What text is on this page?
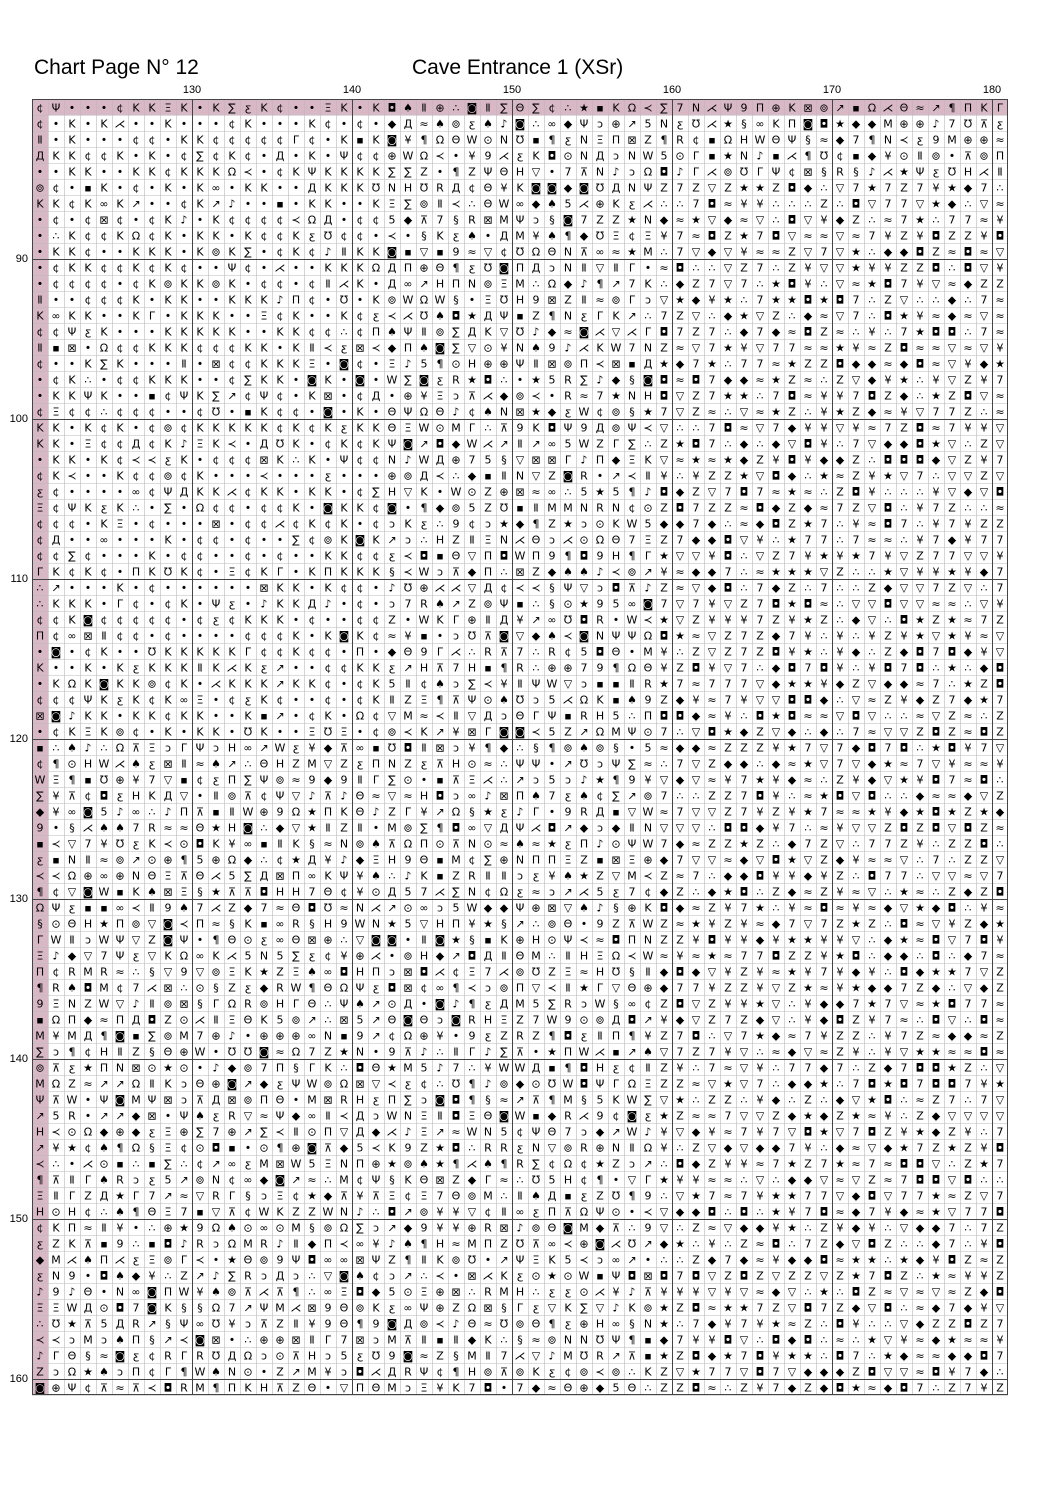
Chart Page N° 12	Cave Entrance 1 (XSr)
130	140	150	160	170	180
90
100
110
120
130
140
150
160
¢ Ψ • • • ¢ K K Ξ K • K ∑ ƹ K ¢ • • Ξ K • K ◘ ♠ Ⅱ ⊕ ∴ ◙ Ⅱ ∑ Θ ∑ ¢ ∴ ★ ▪ K Ω ≺ ∑ 7 N ⋌ Ψ 9 Π ⊕ K ⊠ ⊚ ↗ ▪ Ω ⋌ Θ ≈ ↗ ¶ Π K Γ
¢ • K • K ⋌ • • K • • • ¢ K • • • K ¢ • ¢ • ◆ Д ≈ ♠ ⊚ ƹ ♠ ♪ ◙ ∴ ∞ ◆ Ψ ↄ ⊕ ↗ 5 N ƹ ℧ ⋌ ★ § ∞ K Π ◙ ◘ ★ ◆ ◆ M ⊕ ⊕ ♪ 7 ℧ ⊼ ƹ
Ⅱ • K • • • ¢ ¢ • K K ¢ ¢ ¢ ¢ ¢ Γ ¢ • K ▪ K ◙ ¥ ¶ Ω Θ W ⊙ N ℧ ▪ ¶ ƹ N Ξ Π ⊠ Z ¶ R ¢ ▪ Ω H W Θ Ψ § ≈ ◆ 7 ¶ N ≺ ƹ 9 M ⊕ ⊕ ≈
Д K K ¢ ¢ K • K • ¢ ∑ ¢ K ¢ • Д • K • Ψ ¢ ¢ ⊕ W Ω ≺ • ¥ 9 ⋌ ƹ K ◘ ⊙ N Д ↄ N W 5 ⊙ Γ ▪ ★ N ♪ ▪ ⋌ ¶ ℧ ¢ ▪ ◆ ¥ ⊙ Ⅱ ⊚ • ⊼ ⊚ Π
• • K K • • K K ¢ K K K Ω ≺ • ¢ K Ψ K K K K ∑ ∑ Z • ¶ Z Ψ Θ H ▽ • 7 ⊼ N ♪ ↄ Ω ◘ ♪ Γ ⋌ ⊚ ℧ Γ Ψ ¢ ⊠ § R § ♪ ⋌ ★ Ψ ƹ ℧ H ⋌ Ⅱ
⊚ ¢ • ▪ K • ¢ • K • K ∞ • K K • • Д K K K ℧ N H ℧ R Д ¢ Θ ¥ K ◙ ◙ ◆ ◙ ℧ Д N Ψ Z 7 Z ▽ Z ★ ★ Z ◘ ◆ ∴ ▽ 7 ★ 7 Z 7 ¥ ★ ◆ 7 ∴
K K ¢ K ∞ K ↗ • • ¢ K ↗ ♪ • • ▪ • K K • • K Ξ ∑ ⊚ Ⅱ ≺ ∴ Θ W ∞ ◆ ♠ 5 ⋌ ⊕ K ƹ ⋌ ∴ ∴ 7 ◘ ≈ ¥ ¥ ∴ ∴ ∴ Z ∴ ◘ ▽ 7 7 ▽ ★ ◆ ∴ ▽ ≈
• ¢ • ¢ ⊠ ¢ • ¢ K ♪ • K ¢ ¢ ¢ ¢ ≺ Ω Д • ¢ ¢ 5 ◆ ⊼ 7 § R ⊠ M Ψ ↄ § ◙ 7 Z Z ★ N ◆ ≈ ★ ▽ ◆ ≈ ▽ ∴ ◘ ▽ ¥ ◆ Z ∴ ≈ 7 ★ ∴ 7 7 ≈ ¥
• ∴ K ¢ ¢ K Ω ¢ K • K K • K ¢ ¢ K ƹ ℧ ¢ ¢ • ≺ • § K ƹ ♠ • Д M ¥ ♠ ¶ ◆ ℧ Ξ ¢ Ξ ¥ 7 ≈ ◘ Z ★ 7 ◘ ▽ ≈ ≈ ▽ ≈ 7 ¥ Z ¥ ◘ Z Z ¥ ◘
• K K ¢ • • K K K • K ⊚ K ∑ • ¢ K ¢ ♪ Ⅱ K K ◙ ▪ ▽ ▪ 9 ≈ ▽ ¢ ℧ Ω Θ N ⊼ ∞ ≈ ★ M ∴ 7 ▽ ◆ ▽ ¥ ≈ ≈ Z ▽ 7 ▽ ★ ∴ ◆ ◆ ◘ Z ≈ ◘ ≈ ▽
• ¢ K K ¢ ¢ K ¢ K ¢ • • Ψ ¢ • ⋌ • • K K K Ω Д Π ⊕ Θ ¶ ƹ ℧ ◙ Π Д ↄ N Ⅱ ▽ Ⅱ Γ • ≈ ◘ ∴ ∴ ▽ Z 7 ∴ Z ¥ ▽ ▽ ★ ¥ ¥ Z Z ◘ ∴ ◘ ▽ ¥
• ¢ ¢ ¢ ¢ • ¢ K ⊚ K K ⊚ K • ¢ ¢ • ¢ Ⅱ ⋌ K • Д ∞ ↗ H Π N ⊚ Ξ M ∴ Ω ◆ ♪ ¶ ↗ 7 K ∴ ◆ Z 7 ▽ 7 ∴ ★ ◘ ¥ ∴ ▽ ≈ ★ ◘ 7 ¥ ▽ ≈ ◆ Z Z
Ⅱ • • ¢ ¢ ¢ K • K K • • K K K ♪ Π ¢ • ℧ • K ⊚ W Ω W § • Ξ ℧ H 9 ⊠ Z Ⅱ ≈ ⊚ Γ ↄ ▽ ★ ◆ ¥ ★ ∴ 7 ★ ★ ◘ ★ ◘ 7 ∴ Z ▽ ∴ ∴ ◆ ∴ 7 ≈
K ∞ K K • • K Γ • K K K • • Ξ ¢ K • • K ¢ ƹ ≺ ⋌ ℧ ♠ ◘ ★ Д Ψ ▪ Z ¶ N ƹ Γ K ↗ ∴ 7 Z ▽ ∴ ◆ ★ ▽ Z ∴ ◆ ≈ ▽ 7 ∴ ◘ ★ ¥ ≈ ◆ ≈ ▽ ≈
¢ ¢ Ψ ƹ K • • • K K K K K • • K K ¢ ¢ ∴ ¢ Π ♠ Ψ Ⅱ ⊚ ∑ Д K ▽ ℧ ♪ ◆ ≈ ◙ ⋌ ▽ ⋌ Γ ◘ 7 Z 7 ∴ ◆ 7 ◆ ≈ ◘ Z ≈ ∴ ¥ ∴ 7 ★ ◘ ◘ ∴ 7 ≈
Ⅱ ▪ ⊠ • Ω ¢ ¢ K K K ¢ ¢ ¢ K K • K Ⅱ ≺ ƹ ⊠ ≺ ◆ Π ♠ ◙ ∑ ▽ ⊙ ¥ N ♠ 9 ♪ ⋌ K W 7 N Z ≈ ▽ 7 ★ ¥ ▽ 7 7 ≈ ≈ ★ ¥ ≈ Z ◘ ≈ ≈ ▽ ≈ ▽ ¥
¢ • • K ∑ K • • • Ⅱ • ⊠ ¢ ¢ K K K Ξ • ◙ ¢ • Ξ ♪ 5 ¶ ⊙ H ⊕ ⊕ Ψ Ⅱ ⊠ ⊚ Π ≺ ⊠ ▪ Д ★ ◆ 7 ★ ∴ 7 7 ≈ ★ Z Z ◘ ◆ ◆ ≈ ◆ ◘ ≈ ▽ ¥ ◆ ★
• ¢ K ∴ • ¢ ¢ K K K • • ¢ ∑ K K • ◙ K • ◙ • W ∑ ◙ ƹ R ★ ◘ ∴ • ★ 5 R ∑ ♪ ◆ § ◙ ◘ ≈ ◘ 7 ◆ ◆ ≈ ★ Z ≈ ∴ Z ▽ ◆ ¥ ★ ∴ ¥ ▽ Z ¥ 7
• K K Ψ K • • ▪ ¢ Ψ K ∑ ↗ ¢ Ψ ¢ • K ⊠ • ¢ Д • ⊕ ¥ Ξ ↄ ⊼ ⋌ ◆ ⊚ ≺ • R ≈ 7 ★ N H ◘ ▽ Z 7 ★ ★ ∴ 7 ◘ ≈ ¥ ¥ 7 ◘ Z ◆ ∴ ★ Z ◘ ▽ ≈
¢ Ξ ¢ ¢ ∴ ¢ ¢ ¢ • • ¢ ℧ • ▪ K ¢ ¢ • ◙ • K • Θ Ψ Ω Θ ♪ ¢ ♠ N ⊠ ★ ◆ ƹ W ¢ ⊚ § ★ 7 ▽ Z ≈ ∴ ▽ ≈ ★ Z ∴ ¥ ★ Z ◆ ≈ ¥ ▽ 7 7 Z ∴ ≈
K K • K ¢ K • ¢ ⊚ ¢ K K K K K ¢ K ¢ K ƹ K K Θ Ξ W ⊙ M Γ ∴ ⊼ 9 K ◘ Ψ 9 Д ⊚ Ψ ≺ ▽ ∴ ∴ 7 ◘ ≈ ▽ 7 ◆ ¥ ¥ ▽ ¥ ≈ 7 Z ◘ ≈ 7 ¥ ¥ ▽
K K • Ξ ¢ ¢ Д ¢ K ♪ Ξ K ≺ • Д ℧ K • ¢ K ¢ K Ψ ◙ ↗ ◘ ◆ W ⋌ ↗ Ⅱ ↗ ∞ 5 W Z Γ ∑ ∴ Z ★ ◘ 7 ∴ ◆ ∴ ◆ ▽ ◘ ¥ ∴ 7 ▽ ◆ ◆ ◘ ★ ▽ ∴ Z ▽
• K K • K ¢ ≺ ≺ ƹ K • ¢ ¢ ¢ ⊠ K ∴ K • Ψ ¢ ¢ N ♪ W Д ⊕ 7 5 § ▽ ⊠ ⊠ Γ ♪ Π ◆ Ξ K ▽ ≈ ★ ≈ ★ ◆ Z ¥ ◘ ¥ ◆ ◆ Z ∴ ◘ ◘ ◘ ◆ ▽ Z ¥ 7
¢ K ≺ • • K ¢ ¢ ⊚ ¢ K • • • ≺ • • • ƹ • • • ⊕ ⊚ Д ≺ ∴ ◆ ▪ Ⅱ N ▽ Z ◙ R • ↗ ≺ Ⅱ ¥ ∴ ¥ Z Z ★ ▽ ◘ ◆ ∴ ★ ≈ Z ¥ ★ ▽ 7 ∴ ▽ ▽ Z ▽
ƹ ¢ • • • • ∞ ¢ Ψ Д K K ⋌ ¢ K K • K K • ¢ ∑ H ▽ K • W ⊙ Z ⊕ ⊠ ≈ ∞ ∴ 5 ★ 5 ¶ ♪ ◘ ◆ Z ▽ 7 ◘ 7 ≈ ★ ≈ ∴ Z ◘ ¥ ∴ ∴ ∴ ¥ ▽ ◆ ▽ ◘
Ξ ¢ Ψ K ƹ K ∴ • ∑ • Ω ¢ ¢ • ¢ ¢ K • ◙ K K ¢ ◙ • ¶ ◆ ⊚ 5 Z ℧ ▪ Ⅱ M M N R N ¢ ⊙ Z ◘ 7 Z Z ≈ ◘ ◆ Z ◆ ≈ 7 Z ▽ ◘ ∴ ¥ 7 Z ∴ ∴ ≈
¢ ¢ ¢ • K Ξ • ¢ • • • ⊠ • ¢ ¢ ⋌ ¢ K ¢ K • ¢ ↄ K ƹ ∴ 9 ¢ ↄ ★ ◆ ¶ Z ★ ↄ ⊙ K W 5 ◆ ◆ 7 ◆ ∴ ≈ ◆ ◘ Z ★ 7 ∴ ¥ ≈ ◘ 7 ∴ ¥ 7 ¥ Z Z
¢ Д • • ∞ • • • K • ¢ ¢ • ¢ • • ∑ ¢ ⊚ K ◙ K ↗ ↄ ∴ H Z Ⅱ Ξ N ⋌ Θ ↄ ⋌ ⊙ Ω Θ 7 Ξ Z 7 ◆ ◆ ◘ ▽ ¥ ∴ ★ 7 7 ∴ 7 ≈ ≈ ∴ ¥ 7 ◆ ¥ 7 7
¢ ¢ ∑ ¢ • • • K • ¢ ¢ • • ¢ • ¢ • • K K ¢ ¢ ƹ ≺ ◘ ▪ Θ ▽ Π ◘ W Π 9 ¶ ◘ 9 H ¶ Γ ★ ▽ ▽ ¥ ◘ ∴ ▽ Z 7 ¥ ★ ¥ ★ 7 ¥ ▽ Z 7 7 ▽ ▽ ¥
Γ K ¢ K ¢ • Π K ℧ K ¢ • Ξ ¢ K Γ • K Π K K K § ≺ W ↄ ⊼ ◆ Π ∴ ⊠ Z ◆ ♠ ♠ ♪ ≺ ⊚ ↗ ¥ ≈ ◆ ◆ 7 ∴ ≈ ★ ★ ★ ▽ Z ∴ ∴ ★ ▽ ¥ ¥ ★ ¥ ◆ 7
∴ ↗ • • • K • ¢ • • • • • • ⊠ K K • K ¢ ¢ • ♪ ℧ ⊕ ⋌ ⋌ ▽ Д ¢ ≺ ≺ § Ψ ▽ ↄ ◘ ⊼ ♪ Z ≈ ▽ ◆ ◘ ∴ 7 ◆ Z ∴ 7 ∴ ∴ Z ◆ ▽ ▽ 7 Z ▽ ∴ 7
∴ K K K • Γ ¢ • ¢ K • Ψ ƹ • ♪ K K Д ♪ • ¢ • ↄ 7 R ♠ ↗ Z ⊚ Ψ ▪ ∴ § ⊙ ★ 9 5 ∞ ◙ 7 ▽ 7 ¥ ▽ Z 7 ◘ ★ ◘ ≈ ∴ ▽ ▽ ◘ ▽ ▽ ≈ ≈ ∴ ▽ ¥
¢ ¢ K ◙ ¢ ¢ ¢ ¢ ¢ • ¢ ƹ ¢ K K K • ¢ • • ¢ ¢ Z • W K Γ ⊕ Ⅱ Д ¥ ↗ ∞ ℧ ◘ R • W ≺ ★ ▽ Z ¥ ¥ ¥ 7 Z ¥ ★ Z ∴ ◆ ▽ ∴ ◘ ★ Z ★ ≈ 7 Z
Π ¢ ∞ ⊠ Ⅱ ¢ ¢ • ¢ • • • • ¢ ¢ ¢ K • K ◙ K ¢ ≈ ¥ ▪ • ↄ ℧ ⊼ ◙ ▽ ◆ ♠ ≺ ◙ N Ψ Ψ Ω ◘ ★ ≈ ▽ Z 7 Z ◆ 7 ¥ ∴ ¥ ∴ ¥ Z ¥ ★ ▽ ★ ¥ ≈ ▽
• ◙ • ¢ K • • ℧ K K K K K Γ ¢ ¢ K ¢ ¢ • Π • ◆ Θ 9 Γ ⋌ ∴ R ⊼ 7 ∴ R ¢ 5 ◘ Θ • M ¥ ∴ Z ▽ Z 7 Z ◘ ¥ ★ ∴ ¥ ◆ ∴ Z ◆ ◘ 7 ◘ ◆ ¥ ▽
K • • K • K ƹ K K K Ⅱ K ⋌ K ƹ ↗ • • ¢ ¢ K K ƹ ↗ H ⊼ 7 H ▪ ¶ R ∴ ⊕ ⊕ 7 9 ¶ Ω Θ ¥ Z ◘ ¥ ▽ 7 ∴ ◆ ◘ 7 ◘ ¥ ∴ ¥ ◘ 7 ◘ ∴ ★ ∴ ◆ ◘
• K Ω K ◙ K K ⊚ ¢ K • ⋌ K K K ↗ K K ¢ • ¢ K 5 Ⅱ ¢ ♠ ↄ ∑ ≺ ¥ Ⅱ Ψ W ▽ ↄ ▪ ▪ Ⅱ R ★ 7 ≈ 7 7 7 ▽ ◆ ★ ★ ¥ ◆ Z ▽ ◆ ◆ ≈ 7 ∴ ★ Z ◘
¢ ¢ ¢ Ψ K ƹ K ¢ K ∞ Ξ • ¢ ƹ K ¢ • • ¢ • ¢ K Ⅱ Z Ξ ¶ ⊼ Ψ ⊙ ♠ ℧ ↄ 5 ⋌ Ω K ▪ ♠ 9 Z ◆ ¥ ≈ 7 ¥ ▽ ▽ ◘ ◘ ◆ ∴ ▽ ≈ Z ¥ ◆ Z 7 ◆ ★ 7
⊠ ◙ ♪ K K • K K ¢ K K • • K ▪ ↗ • ¢ K • Ω ¢ ▽ M ≈ ≺ Ⅱ ▽ Д ↄ Θ Γ Ψ ▪ R H 5 ∴ Π ◘ ◘ ◆ ≈ ¥ ∴ ◘ ★ ◘ ≈ ≈ ▽ ◘ ▽ ∴ ∴ ≈ ▽ Z ≈ ∴ Z
• ¢ K Ξ K ⊚ ¢ • K • K K • ℧ K • • Ξ ℧ Ξ • ¢ ⊚ ≺ K ↗ ¥ ⊠ Γ ◙ ◙ ≺ 5 Z ↗ Ω M Ψ ⊙ 7 ∴ ▽ ◘ ★ ◆ Z ▽ ◆ ∴ ◆ ∴ 7 ≈ ▽ ▽ Z ◘ Z ≈ ◘ Z
▪ ∴ ♠ ♪ ∴ Ω ⊼ Ξ ↄ Γ Ψ ↄ H ∞ ↗ W ƹ ¥ ◆ ⊼ ∞ ▪ ℧ ◘ Ⅱ ⊠ ↄ ¥ ¶ ◆ ∴ § ¶ ⊚ ♠ ⊚ § • 5 ≈ ◆ ◆ ≈ Z Z Z ¥ ★ 7 ▽ 7 ◆ ◘ 7 ◘ ∴ ★ ◘ ¥ 7 ▽
¢ ¶ ⊙ H W ⋌ ♠ ƹ ⊠ Ⅱ ≈ ♠ ↗ ∴ Θ H Z M ▽ Z ƹ Π N Z ƹ ⊼ H ⊙ ≈ ∴ Ψ Ψ • ↗ ℧ ↄ Ψ ∑ ≈ ∴ 7 ▽ Z ◆ ◆ ∴ ◆ ≈ ★ ▽ 7 ▽ ◆ ★ ≈ 7 ▽ ¥ ≈ ≈ ¥
W Ξ ¶ ▪ ℧ ⊕ ¥ 7 ▽ ▪ ¢ ƹ Π ∑ Ψ ⊚ ≈ 9 ◆ 9 Ⅱ Γ ∑ ⊙ • ▪ ⊼ Ξ ⋌ ∴ ↗ ↄ 5 ↄ ♪ ★ ¶ 9 ¥ ▽ ◆ ▽ ≈ ¥ 7 ★ ¥ ◆ ≈ ∴ Z ¥ ◆ ▽ ★ ¥ ◘ 7 ≈ ◘ ∴
∑ ¥ ⊼ ¢ ◘ ƹ H K Д ▽ • Ⅱ ⊚ ⊼ ¢ Ψ ▽ ♪ ⊼ ♪ Θ ≈ ▽ ≈ H ◘ ↄ ∞ ♪ ⊠ Π ♠ 7 ƹ ♠ ¢ ∑ ↗ ⊚ 7 ∴ ∴ Z Z 7 ◘ ¥ ∴ ≈ ★ ◘ ▽ ◘ ∴ ∴ ◆ ≈ ≈ ◆ ▽ Z
◆ ¥ ∞ ◙ 5 ♪ ∞ ∴ ♪ Π ⊼ ▪ Ⅱ W ⊕ 9 Ω ★ Π K Θ ♪ Z Γ ¥ ↗ Ω § ★ ƹ ♪ Γ • 9 R Д ▪ ▽ W ≈ 7 ▽ ▽ Z 7 ¥ Z ¥ ★ 7 ≈ ≈ ★ ¥ ◆ ★ ◘ ★ Z ★ ◆
9 • § ⋌ ♠ ♠ 7 R ≈ ≈ Θ ★ H ◙ ∴ ◆ ▽ ★ Ⅱ Z Ⅱ • M ⊚ ∑ ¶ ◘ ∞ ▽ Д Ψ ⋌ ◘ ↗ ◆ ↄ ◆ Ⅱ N ▽ ▽ ▽ ∴ ◘ ◘ ◆ ¥ 7 ∴ ≈ ¥ ▽ ▽ Z ◘ Z ◘ ▽ ◘ Z ≈
▪ ≺ ▽ 7 ¥ ℧ ƹ K ≺ ⊙ ◘ K ¥ ∞ ▪ Ⅱ K § ≈ N ⊚ ♠ ⊼ Ω Π ⊙ ⊼ N ⊙ ≈ ♠ ≈ ★ ƹ Π ♪ ⊙ Ψ W 7 ◆ ≈ Z Z ★ Z ∴ ◆ 7 Z ▽ ∴ 7 7 Z ¥ ∴ Z Z ◘ ∴
ƹ ▪ N Ⅱ ≈ ⊚ ↗ ⊙ ⊕ ¶ 5 ⊕ Ω ◆ ∴ ¢ ★ Д ¥ ♪ ◆ Ξ H 9 Θ ▪ M ¢ ∑ ⊕ N Π Π Ξ Z ▪ ⊠ Ξ ⊕ ◆ 7 ▽ ▽ ≈ ◆ ▽ ◘ ★ ▽ Z ◆ ¥ ≈ ≈ ▽ ∴ 7 ∴ Z Z ▽
≺ ≺ Ω ⊕ ∞ ⊕ N Θ Ξ ⊼ Θ ⋌ 5 ∑ Д ⊠ Π ∞ K Ψ ¥ ♠ ∴ ♪ K ▪ Z R Ⅱ Ⅱ ↄ ƹ ¥ ♠ ★ Z ▽ M ≺ Z ≈ 7 ∴ ◆ ◆ ◘ ¥ ¥ ◆ ¥ Z ∴ ◘ 7 7 ∴ ▽ ▽ ≈ ▽ 7
¶ ¢ ▽ ◙ W ▪ K ♠ ⊠ Ξ § ★ ⊼ ⊼ ◘ H H 7 Θ ¢ ¥ ⊙ Д 5 7 ⋌ ∑ N ¢ Ω ƹ ≈ ↄ ↗ ⋌ 5 ƹ 7 ¢ ◆ Z ∴ ◆ ★ ◘ ∴ Z ◆ ≈ Z ¥ ≈ ▽ ∴ ★ ≈ ∴ Z ◆ Z ◘
Ω Ψ ƹ ▪ ▪ ∞ ≺ Ⅱ 9 ♠ 7 ⋌ Z ◆ 7 ≈ Θ ◘ ℧ ≈ N ⋌ ↗ ⊙ ∞ ↄ 5 W ◆ ◆ Ψ ⊕ ⊠ ▽ ♠ ♪ § ⊕ K ◘ ◆ ≈ Z ¥ 7 ★ ∴ ¥ ≈ ◘ ≈ ¥ ≈ ◆ ▽ ★ ◆ ◘ ∴ ¥ ≈
§ ⊙ Θ H ★ Π ⊚ ▽ ◙ ≺ Π ≈ § K ▪ ∞ R § H 9 W N ★ 5 ▽ H Π ¥ ★ § ↗ ∴ ⊚ Θ • 9 Z ⊼ W Z ≈ ★ ¥ Z ¥ ≈ ◆ 7 ▽ 7 Z ★ Z ∴ ◘ ≈ ▽ ¥ Z ◆ ★
Γ W Ⅱ ↄ W Ψ ▽ Z ◙ Ψ • ¶ Θ ⊙ ƹ ∞ Θ ⊠ ⊕ ∴ ▽ ◙ ◙ • Ⅱ ◙ ★ § ▪ K ⊕ H ⊙ Ψ ≺ ≈ ◘ Π N Z Z ¥ ◘ ¥ ¥ ◆ ¥ ★ ★ ¥ ¥ ▽ ∴ ◆ ★ ≈ ◘ ▽ 7 ◘ ¥
Ξ ♪ ◆ ▽ 7 Ψ ƹ ▽ K Ω ∞ K ⋌ 5 N 5 ∑ ƹ ¢ ¥ ⊕ ⋌ • ⊚ H ◆ ↗ ◘ Д Ⅱ Θ M ∴ Ⅱ H Ξ Ω ≺ W ≈ ¥ ≈ ★ ≈ 7 7 ◘ Z Z ¥ ★ ◘ ∴ ◆ ◆ ∴ ◘ ∴ ◆ 7 ≈
Π ¢ R M R ≈ ∴ § ▽ 9 ▽ ⊚ Ξ K ★ Z Ξ ♠ ∞ ◘ H Π ↄ ⊠ ◘ ⋌ ¢ Ξ 7 ⋌ ⊚ ℧ Z Ξ ≈ H ℧ § Ⅱ ◆ ◘ ◆ ▽ ¥ Z ¥ ≈ ★ ¥ 7 ¥ ◆ ¥ ∴ ◘ ◆ ★ ★ 7 ▽ Z
¶ R ♠ ◘ M ¢ 7 ⋌ ⊠ ∴ ⊙ § Z ƹ ◆ R W ¶ Θ Ω Ψ ƹ ◘ ⊠ ¢ ∞ ¶ ≺ ↄ ⊚ Π ▽ ≺ Ⅱ ★ Γ ▽ Θ ⊕ ◆ 7 7 ¥ Z Z ¥ ▽ Z ★ ≈ ¥ ★ ◆ ◆ 7 Z ◆ ∴ ▽ ◆ Z
9 Ξ N Z W ▽ ♪ Ⅱ ⊚ ⊠ § Γ Ω R ⊚ H Γ Θ ∴ Ψ ♠ ↗ ⊙ Д • ◙ ♪ ¶ ƹ Д M 5 ∑ R ↄ W § ∞ ¢ Z ◘ ▽ Z ¥ ¥ ★ ▽ ∴ ¥ ◆ ◆ 7 ★ 7 ▽ ≈ ★ ◘ 7 7 ≈
▪ Ω Π ◆ ≈ Π Д ◘ Z ⊙ ⋌ Ⅱ Ξ Θ K 5 ⊚ ↗ ∴ ⊠ 5 ↗ Θ ◙ Θ ↄ ◙ R H Ξ Z 7 W 9 ⊙ ⊚ Д ◘ ↗ ¥ ◆ ▽ Z 7 Z ◆ ▽ ∴ ¥ ◆ ◘ Z ¥ 7 ≈ ∴ ◘ ▽ ∴ ◘ ≈
M ¥ M Д ¶ ◙ ▪ ∑ ⊚ M 7 ⊕ ♪ • ⊕ ⊕ ⊕ ∞ N ▪ 9 ↗ ¢ Ω ⊕ ¥ • 9 ƹ Z R Z ¶ ◘ ƹ Ⅱ Π ¶ ¥ Z 7 ◘ ∴ ▽ 7 ★ ◆ ≈ 7 ¥ Z Z ∴ ¥ 7 Z ≈ ◆ ◆ ≈ Z
∑ ↄ ¶ ¢ H Ⅱ Z § Θ ⊕ W • ℧ ℧ ◙ ≈ Ω 7 Z ★ N • 9 ⊼ ♪ ∴ Ⅱ Γ ♪ ∑ ⊼ • ★ Π W ⋌ ▪ ↗ ♠ ▽ 7 Z 7 ¥ ▽ ∴ ≈ ◆ ▽ ≈ Z ¥ ∴ ¥ ▽ ★ ★ ≈ ≈ ◘ ≈
⊚ ⊼ ƹ ★ Π N ⊠ ⊙ ★ ⊙ • ♪ ◆ ⊚ 7 Π § Γ K ∴ ◘ Θ ★ M 5 ♪ 7 ∴ ¥ W W Д ▪ ¶ ◘ H ƹ ¢ Ⅱ Z ¥ ∴ 7 ≈ ▽ ¥ ∴ 7 7 ◆ 7 ∴ Z ◆ 7 ◘ ◘ ★ Z ∴ ▽
M Ω Z ≈ ↗ ↗ Ω Ⅱ K ↄ Θ ⊕ ◙ ↗ ◆ ƹ Ψ W ⊚ Ω ⊠ ▽ ≺ ƹ ¢ ∴ ℧ ¶ ♪ ⊚ ◆ ⊙ ℧ W ◘ Ψ Γ Ω Ξ Z Z ≈ ▽ ★ ▽ 7 ∴ ◆ ◆ ★ ∴ 7 ◘ ★ ◘ 7 ◘ ◘ 7 ¥ ★
Ψ ⊼ W • Ψ ◙ M Ψ ⊠ ↄ ⊼ Д ⊠ ⊚ Π Θ • M ⊠ R H ƹ Π ∑ ↄ ◙ ◘ ¶ § ≈ ↗ ⊼ ¶ M § 5 K W ∑ ▽ ★ ∴ Z Z ∴ ¥ ◆ ∴ Z ∴ ◆ ▽ ★ ◘ ∴ ≈ Z 7 ∴ 7 ▽
↗ 5 R • ↗ ↗ ◆ ⊠ • Ψ ♠ ƹ R ▽ ≈ Ψ ◆ ∞ Ⅱ ≺ Д ↄ W N Ξ Ⅱ ◘ Ξ Θ ◙ W ▪ ◆ R ⋌ 9 ¢ ◙ ƹ ★ Z ≈ ≈ 7 ▽ ▽ Z ◆ ★ ◆ Z ★ ≈ ¥ ∴ Z ◆ ▽ ▽ ▽ ▽
H ≺ ⊙ Ω ◆ ⊕ ◆ ƹ Ξ ⊕ ∑ 7 ⊕ ↗ ∑ ≺ Ⅱ ⊙ Π ▽ Д ◆ ⋌ ♪ Ξ ↗ ≈ W N 5 ¢ Ψ Θ 7 ↄ ◆ ↗ W ♪ ¥ ▽ ◆ ¥ ≈ 7 ¥ 7 ▽ ◘ ★ ▽ 7 ◘ Z ¥ ★ ◆ Z ¥ ∴ 7
↗ ¥ ★ ¢ ♠ ¶ Ω § Ξ ¢ ⊙ ◘ ▪ • ⊙ ¶ ⊕ ◙ ⊼ ◆ 5 ≺ K 9 Z ★ ◘ ∴ R R ƹ N ▽ ⊚ R ⊕ N Ⅱ Ω ¥ ∴ Z ▽ ◆ ▽ ◆ ◆ 7 ¥ ∴ ◆ ≈ ▽ ◆ ★ 7 Z ★ Z ¥ ◘
≺ ∴ • ⋌ ⊙ ▪ ∴ ▪ ∑ ∴ ¢ ↗ ∞ ƹ M ⊠ W 5 Ξ N Π ⊕ ★ ⊚ ♠ ★ ¶ ⋌ ♠ ¶ R ∑ ¢ Ω ¢ ★ Z ↄ ↗ ∴ ◘ ◆ Z ¥ ¥ ≈ 7 ★ Z 7 ★ ≈ 7 ≈ ◘ ◘ ▽ ∴ Z ★ 7
¶ ⊼ Ⅱ Γ ♠ R ↄ ƹ 5 ↗ ⊚ N ¢ ∞ ◆ ◙ ↗ ≈ ∴ M ¢ Ψ § K Θ ⊠ Z ◆ Γ ≈ ∴ ℧ 5 H ¢ ¶ • ▽ Γ ★ ¥ ¥ ≈ ≈ ∴ ▽ ∴ ◆ ◆ ▽ ≈ ▽ Z ≈ 7 ◘ ◘ ▽ ◘ ∴ ∴
Ξ Ⅱ Γ Z Д ★ Γ 7 ↗ ≈ ▽ R Γ § ↄ Ξ ¢ ★ ◆ ⊼ ¥ ⊼ Ξ ¢ Ξ 7 Θ ⊚ M ∴ Ⅱ ♠ Д ▪ ƹ Z ℧ ¶ 9 ∴ ▽ ★ 7 ≈ 7 ¥ ★ ★ 7 7 ▽ ◆ ◘ ▽ 7 7 ★ ≈ Z ▽ 7
H ⊙ H ¢ ∴ ♠ ¶ Θ Ξ 7 ▪ ▽ ⊼ ¢ W K Z Z W N ♪ ∴ ◘ ↗ ⊚ ¥ ¥ ▽ ¢ Ⅱ ∞ ƹ Π ⊼ Ω Ψ ⊙ • ≺ ▽ ◆ ◆ ◘ ∴ ◘ ∴ ★ ¥ 7 ◘ ≈ ◆ 7 ¥ ◆ ≈ ★ ▽ 7 7 ◘
¢ K Π ≈ Ⅱ ¥ • ∴ ⊕ ★ 9 Ω ♠ ⊙ ∞ ⊙ M § ⊚ Ω ∑ ↄ ↗ ◆ 9 ¥ ¥ ⊕ R ⊠ ♪ ⊚ Θ ◙ M ◆ ⊼ ∴ 9 ▽ ∴ Z ≈ ▽ ◆ ◆ ¥ ★ ∴ Z ¥ ◆ ¥ ∴ ▽ ◆ ◆ 7 ∴ 7 Z
ƹ Z K ⊼ ▪ 9 ∴ ▪ ◘ ♪ R ↄ Ω M R ♪ Ⅱ ◆ Π ≺ ∞ ¥ ♪ ♠ ¶ H ≈ M Π Z ℧ ⊼ ∞ ≺ ⊕ ◙ ⋌ ℧ ↗ ◆ ★ ∴ ¥ ∴ Z ≈ ◘ ∴ 7 Z ◆ ▽ ◘ Z ∴ ∴ ◆ 7 ∴ ¥ ◘
◆ M ⋌ ♠ Π ⋌ ƹ Ξ ⊚ Γ ≺ • ★ Θ ⊚ 9 Ψ ◘ ∞ ∞ ⊠ Ψ Z ¶ Ⅱ K ⊚ ℧ • ↗ Ψ Ξ K 5 ≺ ↄ ∞ ↗ • ∴ ∴ Z ◆ 7 ◆ ≈ ¥ ◆ ◆ ◘ ≈ ★ ★ ∴ ★ ◆ ¥ ◘ Z ≈ Z
ƹ N 9 • ◘ ♠ ◆ ¥ ∴ Z ↗ ♪ ∑ R ↄ Д ↄ ∴ ▽ ◙ ♠ ¢ ↄ ↗ ∴ ≺ • ⊠ ⋌ K ƹ ⊙ ★ ⊙ W ▪ Ψ ◘ ⊠ ◘ 7 ◘ ▽ Z ◘ Z ▽ Z Z ▽ Z ★ 7 ◘ Z ∴ ★ ≈ ¥ ¥ Z
♪ 9 ♪ Θ • N ∞ ◙ Π W ¥ ♠ ⊚ ⊼ ⋌ ⊼ ¶ ∴ ∞ Ξ ◘ ◆ 5 ⊙ Ξ ⊕ ⊠ ∴ R M H ∴ ƹ ƹ ⊙ ⋌ ¥ ♪ ⊼ ¥ ¥ ¥ ▽ ¥ ▽ ≈ ◆ ▽ ∴ ★ ∴ ◘ Z ≈ ▽ ≈ ▽ ≈ Z ◆ ◘
Ξ Ξ W Д ⊙ ◘ 7 ◙ K § § Ω 7 ↗ Ψ M ⋌ ⊠ 9 Θ ⊚ K ƹ ∞ Ψ ⊕ Z Ω ⊠ § Γ ƹ ▽ K ∑ ▽ ♪ K ⊚ ★ Z ◘ ≈ ★ ★ 7 Z ▽ ◘ 7 Z ◆ ▽ ◘ ∴ ≈ ◆ 7 ◆ ¥ ▽
∴ ℧ ★ ⊼ 5 Д R ↗ § Ψ ∞ ℧ ¥ ↄ ⊼ Z Ⅱ ¥ 9 Θ ¶ 9 ◙ Д ⊚ ≺ ♪ Θ ≈ ℧ ⊚ Θ ¶ ƹ ⊕ H ∞ § N ★ ∴ 7 ◆ ¥ 7 ¥ ★ ≈ Z ∴ ◘ ¥ ∴ ∴ ▽ ◆ Z Z ◘ Z 7
≺ ≺ ↄ M ↄ ♠ Π § ↗ ≺ ◙ ⊠ • ∴ ⊕ ⊕ ⊠ Ⅱ Γ 7 ⊠ ↄ M ⊼ Ⅱ ▪ Ⅱ ◆ K ∴ § ≈ ⊚ N N ℧ Ψ ¶ ▪ ◆ 7 ¥ ¥ ◘ ▽ ∴ ◘ ◆ ◘ ∴ ≈ ∴ ★ ▽ ¥ ≈ ◆ ★ ≈ ≈ ¥
♪ Γ Θ § ≈ ◙ ƹ ¢ R Γ R ℧ Д Ω ↄ ⊙ ⊼ H ↄ 5 ƹ ℧ 9 ◙ ≈ Z § M Ⅱ 7 ⋌ ▽ ♪ M ℧ R ↗ ⊼ ▪ ★ Z ◘ ◆ ★ 7 ◘ ¥ ★ ★ ∴ ◘ 7 ∴ ★ ◆ ≈ ≈ ◆ ◆ ◘ 7
Z ↄ Ω ★ ♠ ↄ Π ¢ Γ ¶ W ♠ N ⊙ • Z ↗ M ¥ ↄ ◘ ⋌ Д R Ψ ¢ ¶ H ⊚ ⊼ ⊚ K ƹ ¢ ⊚ ≺ ⊚ ∴ K Z ▽ ★ 7 7 ▽ ◘ 7 ▽ ◆ ◆ ◆ Z ◘ ▽ ▽ ≈ ◘ ¥ 7 ◆ ∴
◙ ⊕ Ψ ¢ ⊼ ≈ ⊼ ≺ ◘ R M ¶ Π K H ⊼ Z Θ • ▽ Π Θ M ↄ Ξ ¥ K 7 ◘ • 7 ◆ ≈ Θ ⊕ ◆ 5 Θ ∴ Z Z ◘ ≈ ∴ Z ¥ 7 ◆ Z ◆ ◘ ★ ≈ ◆ ◘ 7 ∴ Z 7 ¥ Z
